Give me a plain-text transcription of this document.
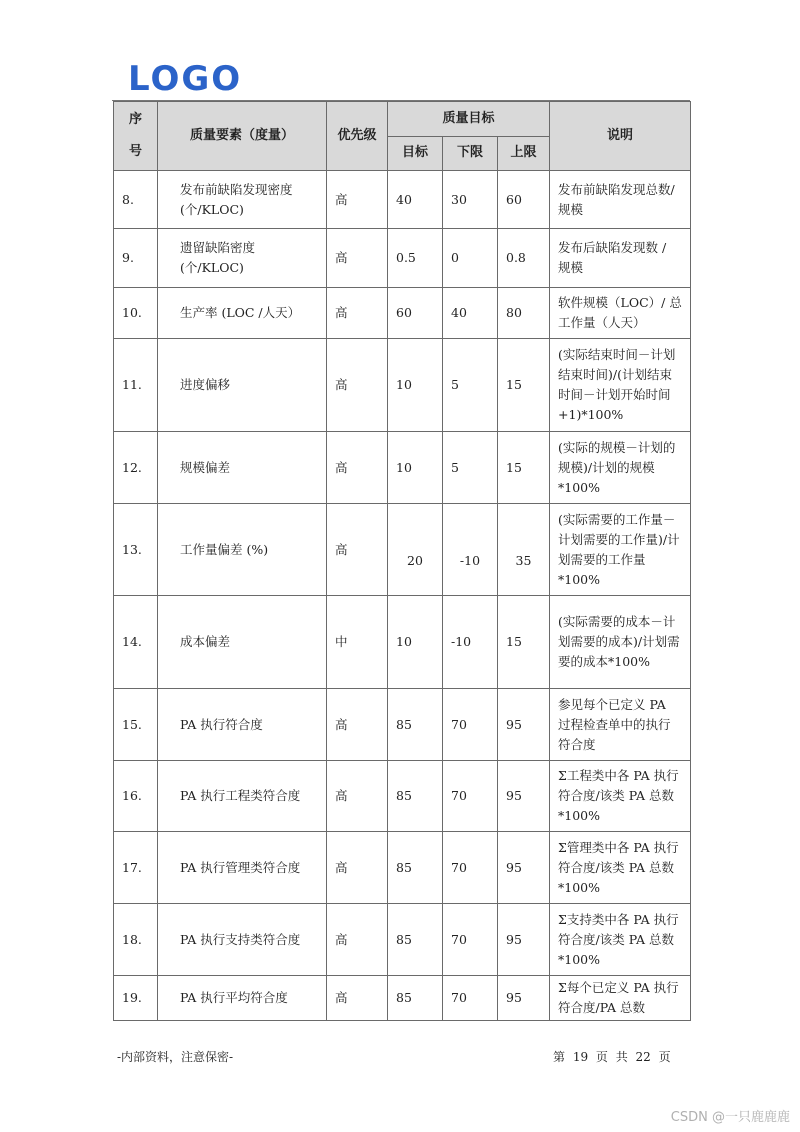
LOGO
序
号	质量要素（度量）	优先级	质量目标			说明
			目标	下限	上限	
8.	发布前缺陷发现密度 (个/KLOC)	高	40	30	60	发布前缺陷发现总数/ 规模
9.	遗留缺陷密度 (个/KLOC)	高	0.5	0	0.8	发布后缺陷发现数 / 规模
10.	生产率 (LOC /人天）	高	60	40	80	软件规模（LOC）/ 总工作量（人天）
11.	进度偏移	高	10	5	15	(实际结束时间－计划结束时间)/(计划结束时间－计划开始时间+1)*100%
12.	规模偏差	高	10	5	15	(实际的规模－计划的规模)/计划的规模*100%
13.	工作量偏差 (%)	高	20	-10	35	(实际需要的工作量－计划需要的工作量)/计划需要的工作量*100%
14.	成本偏差	中	10	-10	15	(实际需要的成本－计划需要的成本)/计划需要的成本*100%
15.	PA 执行符合度	高	85	70	95	参见每个已定义 PA 过程检查单中的执行符合度
16.	PA 执行工程类符合度	高	85	70	95	Σ工程类中各 PA 执行符合度/该类 PA 总数*100%
17.	PA 执行管理类符合度	高	85	70	95	Σ管理类中各 PA 执行符合度/该类 PA 总数*100%
18.	PA 执行支持类符合度	高	85	70	95	Σ支持类中各 PA 执行符合度/该类 PA 总数*100%
19.	PA 执行平均符合度	高	85	70	95	Σ每个已定义 PA 执行符合度/PA 总数
-内部资料，注意保密-	第 19 页 共 22 页
CSDN @一只鹿鹿鹿
